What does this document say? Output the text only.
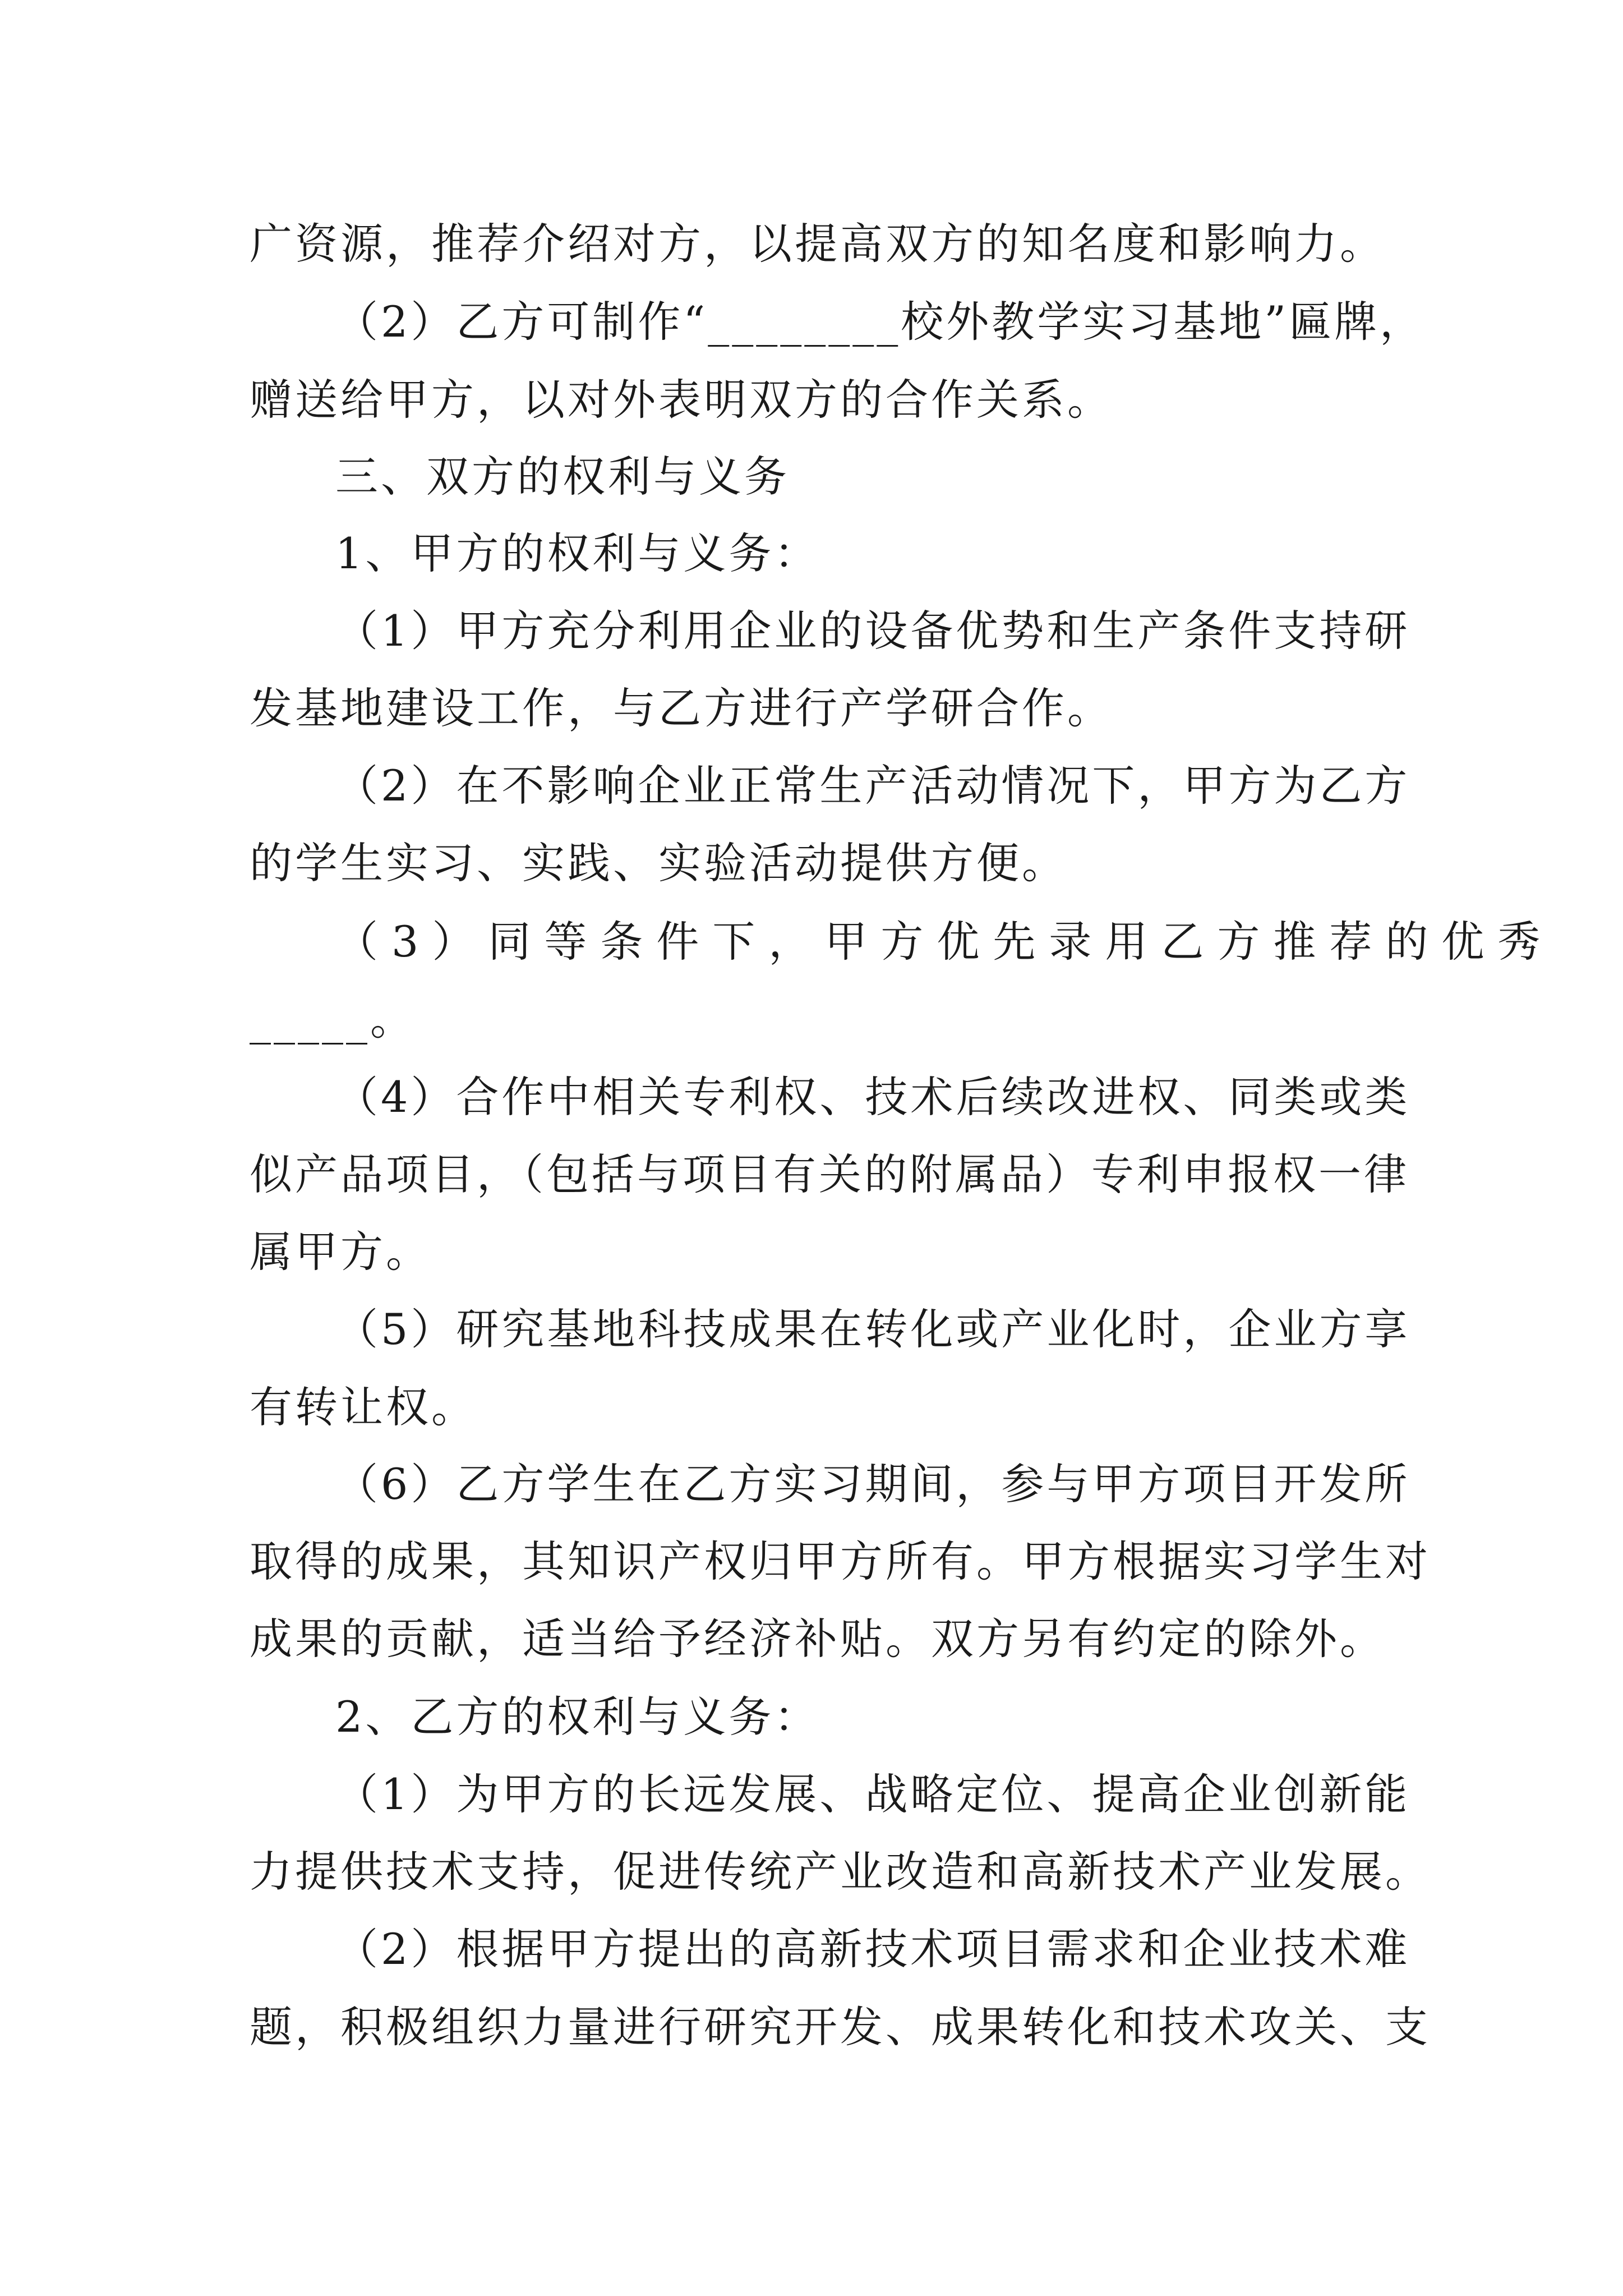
广资源，推荐介绍对方，以提高双方的知名度和影响力。
（2）乙方可制作“________校外教学实习基地”匾牌，
赠送给甲方，以对外表明双方的合作关系。
三、双方的权利与义务
1、甲方的权利与义务：
（1）甲方充分利用企业的设备优势和生产条件支持研
发基地建设工作，与乙方进行产学研合作。
（2）在不影响企业正常生产活动情况下，甲方为乙方
的学生实习、实践、实验活动提供方便。
（3）同等条件下，甲方优先录用乙方推荐的优秀
_____。
（4）合作中相关专利权、技术后续改进权、同类或类
似产品项目，（包括与项目有关的附属品）专利申报权一律
属甲方。
（5）研究基地科技成果在转化或产业化时，企业方享
有转让权。
（6）乙方学生在乙方实习期间，参与甲方项目开发所
取得的成果，其知识产权归甲方所有。甲方根据实习学生对
成果的贡献，适当给予经济补贴。双方另有约定的除外。
2、乙方的权利与义务：
（1）为甲方的长远发展、战略定位、提高企业创新能
力提供技术支持，促进传统产业改造和高新技术产业发展。
（2）根据甲方提出的高新技术项目需求和企业技术难
题，积极组织力量进行研究开发、成果转化和技术攻关、支
